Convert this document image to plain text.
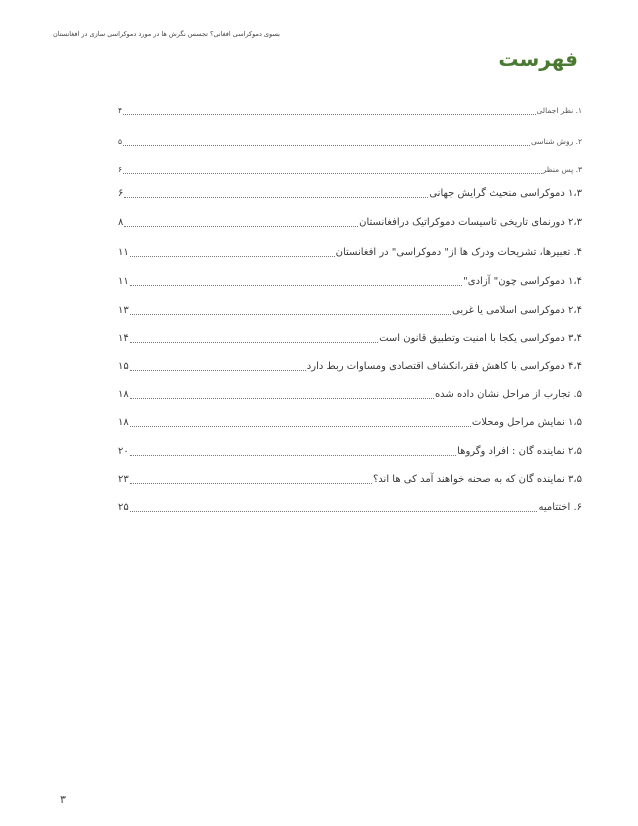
بسوی دموکراسی افغانی؟ تجسس نگرش ها در مورد دموکراسی سازی در افغانستان
فهرست
۱. نظر اجمالی
۴
۲. روش شناسی
۵
۳. پس منظر
۶
۱،۳ دموکراسی منحیث گرایش جهانی
۶
۲،۳ دورنمای تاریخی تاسیسات دموکراتیک درافغانستان
۸
۴. تعبیرها، تشریحات ودرک ها از" دموکراسی" در افغانستان
۱۱
۱،۴ دموکراسی چون" آزادی"
۱۱
۲،۴ دموکراسی اسلامی یا غربی
۱۳
۳،۴ دموکراسی یکجا با امنیت وتطبیق قانون است
۱۴
۴،۴ دموکراسی با کاهش فقر،انکشاف اقتصادی ومساوات ربط دارد
۱۵
۵. تجارب از مراحل نشان داده شده
۱۸
۱،۵ نمایش مراحل ومحلات
۱۸
۲،۵ نماینده گان : افراد وگروها
۲۰
۳،۵ نماینده گان که به صحنه خواهند آمد کی ها اند؟
۲۳
۶. اختتامیه
۲۵
۳
